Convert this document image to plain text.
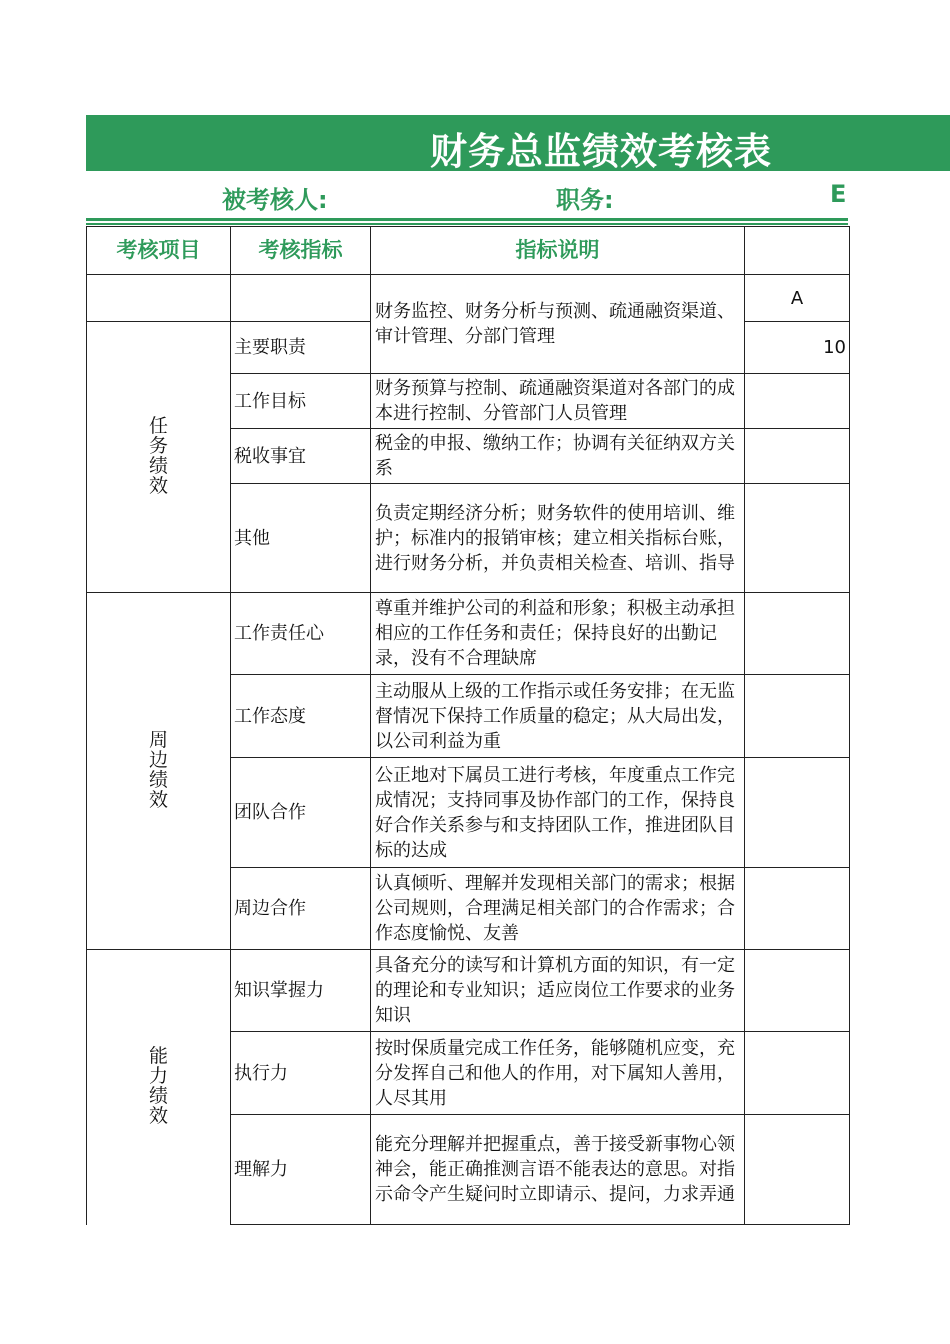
财务总监绩效考核表
被考核人:	职务:	E
考核项目	考核指标	指标说明	
		财务监控、财务分析与预测、疏通融资渠道、审计管理、分部门管理	A
任务绩效	主要职责		10
	工作目标	财务预算与控制、疏通融资渠道对各部门的成本进行控制、分管部门人员管理	
	税收事宜	税金的申报、缴纳工作；协调有关征纳双方关系	
	其他	负责定期经济分析；财务软件的使用培训、维护；标准内的报销审核；建立相关指标台账，进行财务分析，并负责相关检查、培训、指导	
周边绩效	工作责任心	尊重并维护公司的利益和形象；积极主动承担相应的工作任务和责任；保持良好的出勤记录，没有不合理缺席	
	工作态度	主动服从上级的工作指示或任务安排；在无监督情况下保持工作质量的稳定；从大局出发，以公司利益为重	
	团队合作	公正地对下属员工进行考核，年度重点工作完成情况；支持同事及协作部门的工作，保持良好合作关系参与和支持团队工作，推进团队目标的达成	
	周边合作	认真倾听、理解并发现相关部门的需求；根据公司规则，合理满足相关部门的合作需求；合作态度愉悦、友善	
能力绩效	知识掌握力	具备充分的读写和计算机方面的知识，有一定的理论和专业知识；适应岗位工作要求的业务知识	
	执行力	按时保质量完成工作任务，能够随机应变，充分发挥自己和他人的作用，对下属知人善用，人尽其用	
	理解力	能充分理解并把握重点，善于接受新事物心领神会，能正确推测言语不能表达的意思。对指示命令产生疑问时立即请示、提问，力求弄通	
